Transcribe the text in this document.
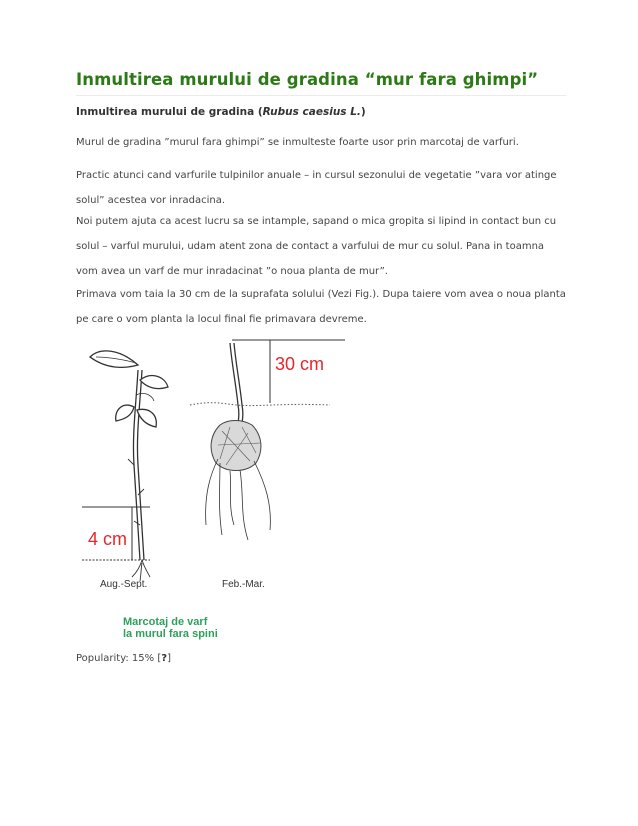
Inmultirea murului de gradina “mur fara ghimpi”
Inmultirea murului de gradina (Rubus caesius L.)

Murul de gradina ”murul fara ghimpi” se inmulteste foarte usor prin marcotaj de varfuri.

Practic atunci cand varfurile tulpinilor anuale – in cursul sezonului de vegetatie ”vara vor atinge solul” acestea vor inradacina.

Noi putem ajuta ca acest lucru sa se intample, sapand o mica gropita si lipind in contact bun cu solul – varful murului, udam atent zona de contact a varfului de mur cu solul. Pana in toamna vom avea un varf de mur inradacinat ”o noua planta de mur”.

Primava vom taia la 30 cm de la suprafata solului (Vezi Fig.). Dupa taiere vom avea o noua planta pe care o vom planta la locul final fie primavara devreme.

4 cm
30 cm
Aug.-Sept.	Feb.-Mar.
Marcotaj de varf
la murul fara spini
Popularity: 15% [?]
